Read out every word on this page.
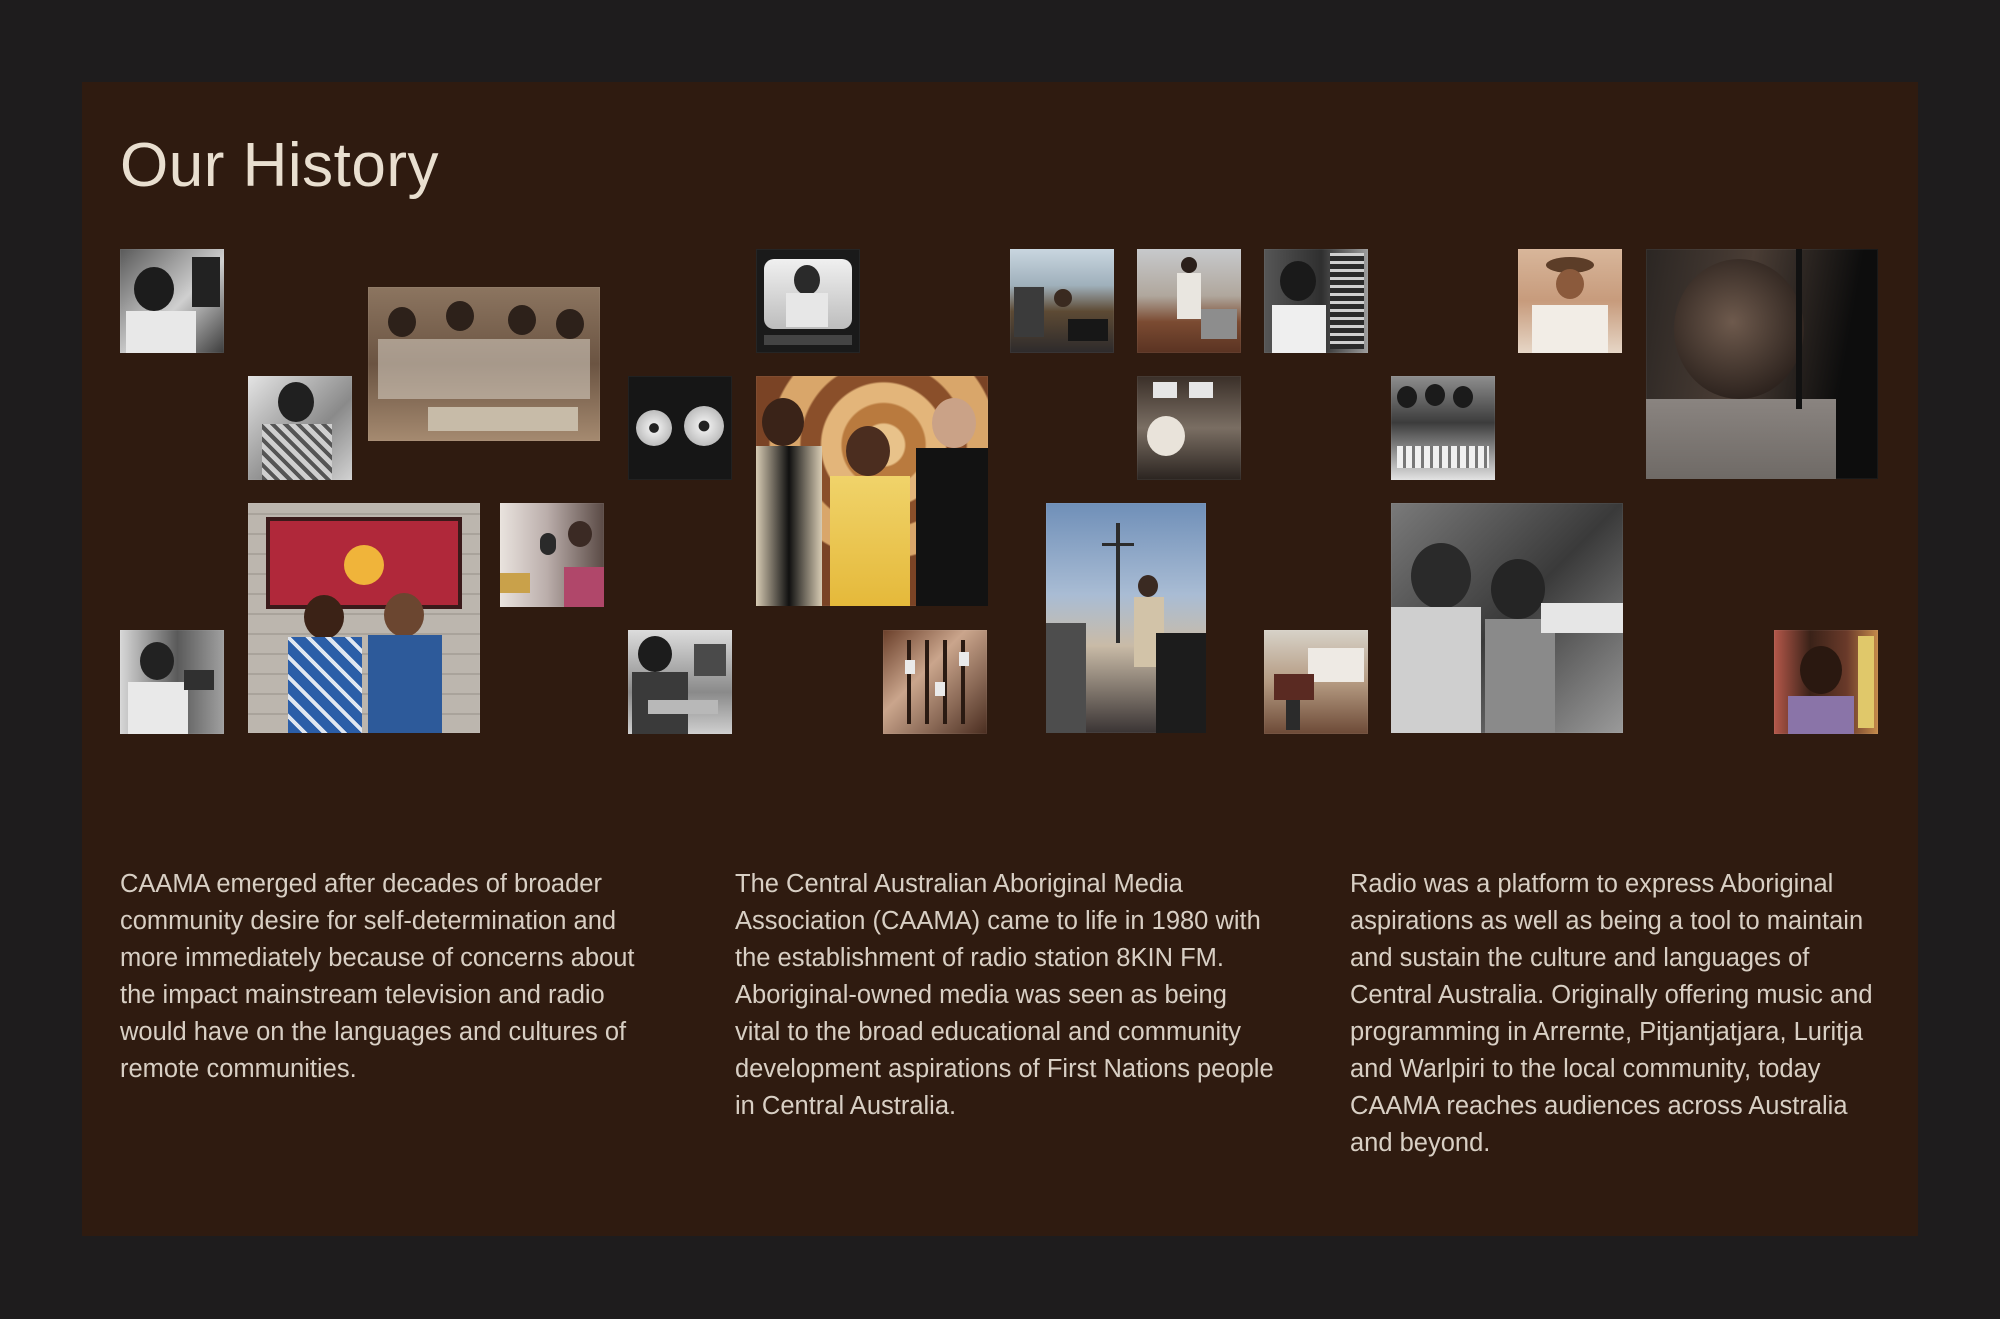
Our History

CAAMA emerged after decades of broader community desire for self-determination and more immediately because of concerns about the impact mainstream television and radio would have on the languages and cultures of remote communities.

The Central Australian Aboriginal Media Association (CAAMA) came to life in 1980 with the establishment of radio station 8KIN FM. Aboriginal-owned media was seen as being vital to the broad educational and community development aspirations of First Nations people in Central Australia.

Radio was a platform to express Aboriginal aspirations as well as being a tool to maintain and sustain the culture and languages of Central Australia. Originally offering music and programming in Arrernte, Pitjantjatjara, Luritja and Warlpiri to the local community, today CAAMA reaches audiences across Australia and beyond.
